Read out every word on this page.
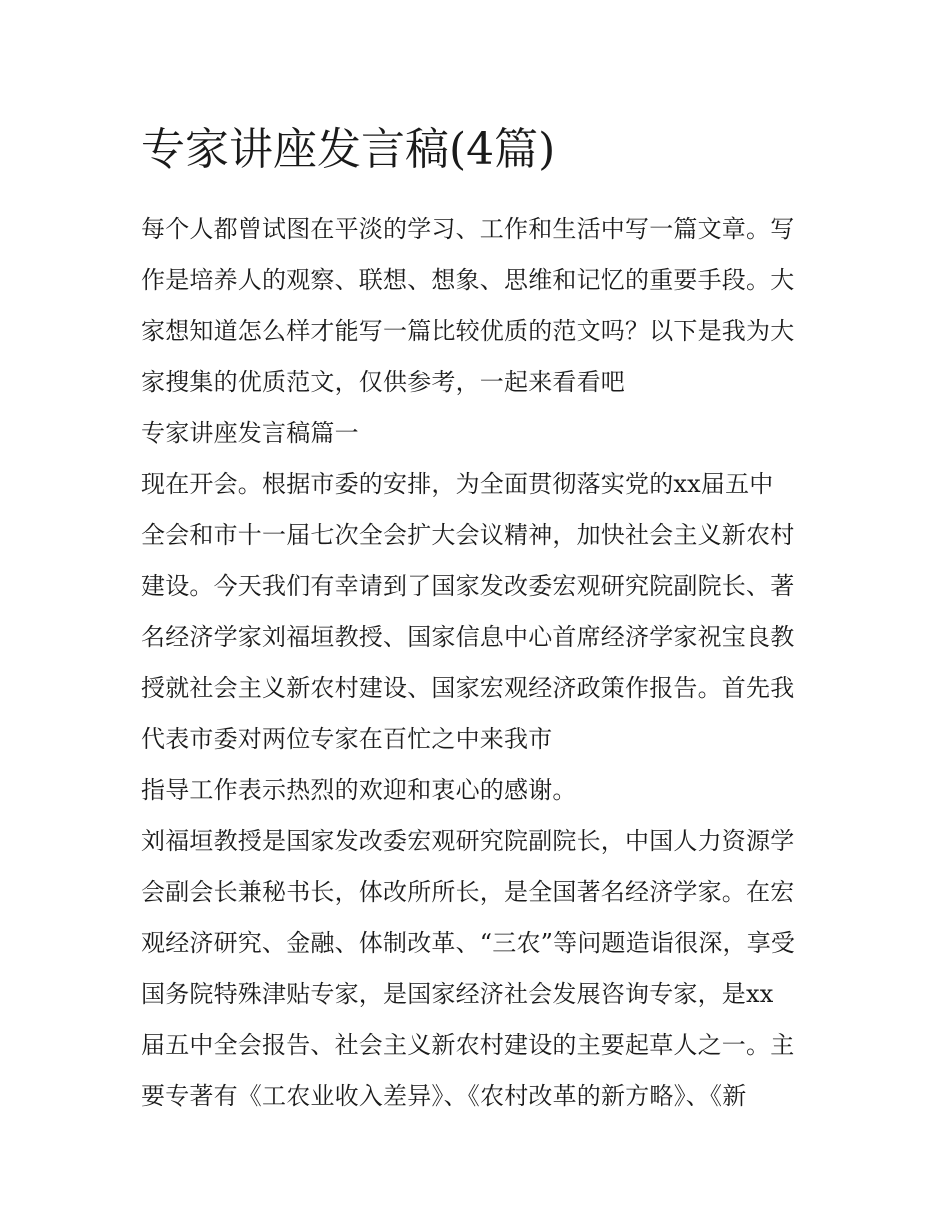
专家讲座发言稿(4篇)
每个人都曾试图在平淡的学习、工作和生活中写一篇文章。写
作是培养人的观察、联想、想象、思维和记忆的重要手段。大
家想知道怎么样才能写一篇比较优质的范文吗？以下是我为大
家搜集的优质范文，仅供参考，一起来看看吧
专家讲座发言稿篇一
现在开会。根据市委的安排，为全面贯彻落实党的xx届五中
全会和市十一届七次全会扩大会议精神，加快社会主义新农村
建设。今天我们有幸请到了国家发改委宏观研究院副院长、著
名经济学家刘福垣教授、国家信息中心首席经济学家祝宝良教
授就社会主义新农村建设、国家宏观经济政策作报告。首先我
代表市委对两位专家在百忙之中来我市
指导工作表示热烈的欢迎和衷心的感谢。
刘福垣教授是国家发改委宏观研究院副院长，中国人力资源学
会副会长兼秘书长，体改所所长，是全国著名经济学家。在宏
观经济研究、金融、体制改革、“三农”等问题造诣很深，享受
国务院特殊津贴专家，是国家经济社会发展咨询专家，是xx
届五中全会报告、社会主义新农村建设的主要起草人之一。主
要专著有《工农业收入差异》、《农村改革的新方略》、《新
